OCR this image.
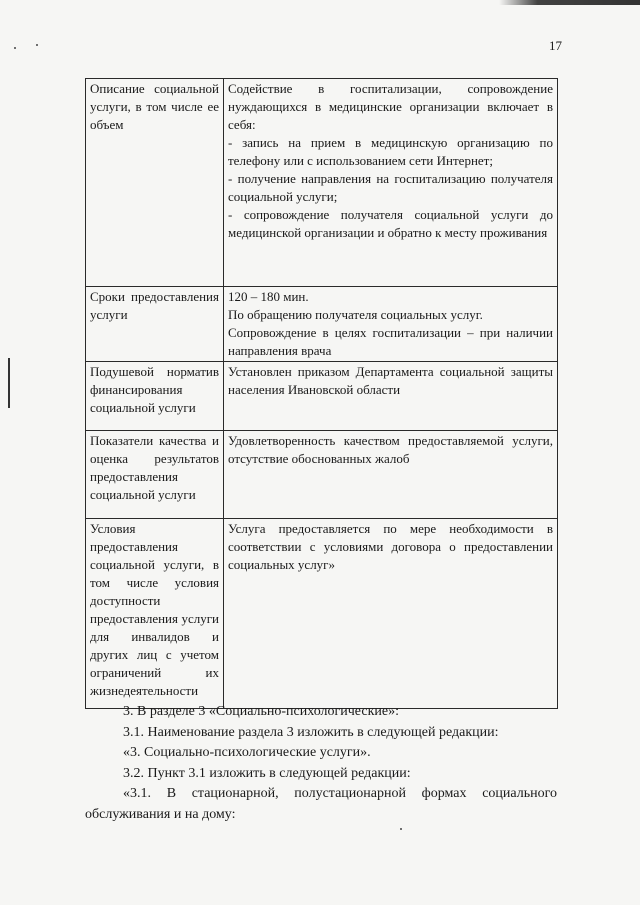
17
Описание социальной услуги, в том числе ее объем	Содействие в госпитализации, сопровождение нуждающихся в медицинские организации включает в себя:
- запись на прием в медицинскую организацию по телефону или с использованием сети Интернет;
- получение направления на госпитализацию получателя социальной услуги;
- сопровождение получателя социальной услуги до медицинской организации и обратно к месту проживания

Сроки предоставления услуги	120 – 180 мин.
По обращению получателя социальных услуг.
Сопровождение в целях госпитализации – при наличии направления врача

Подушевой норматив финансирования социальной услуги	Установлен приказом Департамента социальной защиты населения Ивановской области

Показатели качества и оценка результатов предоставления социальной услуги	Удовлетворенность качеством предоставляемой услуги, отсутствие обоснованных жалоб

Условия предоставления социальной услуги, в том числе условия доступности предоставления услуги для инвалидов и других лиц с учетом ограничений их жизнедеятельности	Услуга предоставляется по мере необходимости в соответствии с условиями договора о предоставлении социальных услуг»

3. В разделе 3 «Социально-психологические»:

3.1. Наименование раздела 3 изложить в следующей редакции:

«3. Социально-психологические услуги».

3.2. Пункт 3.1 изложить в следующей редакции:

«3.1. В стационарной, полустационарной формах социального обслуживания и на дому:
